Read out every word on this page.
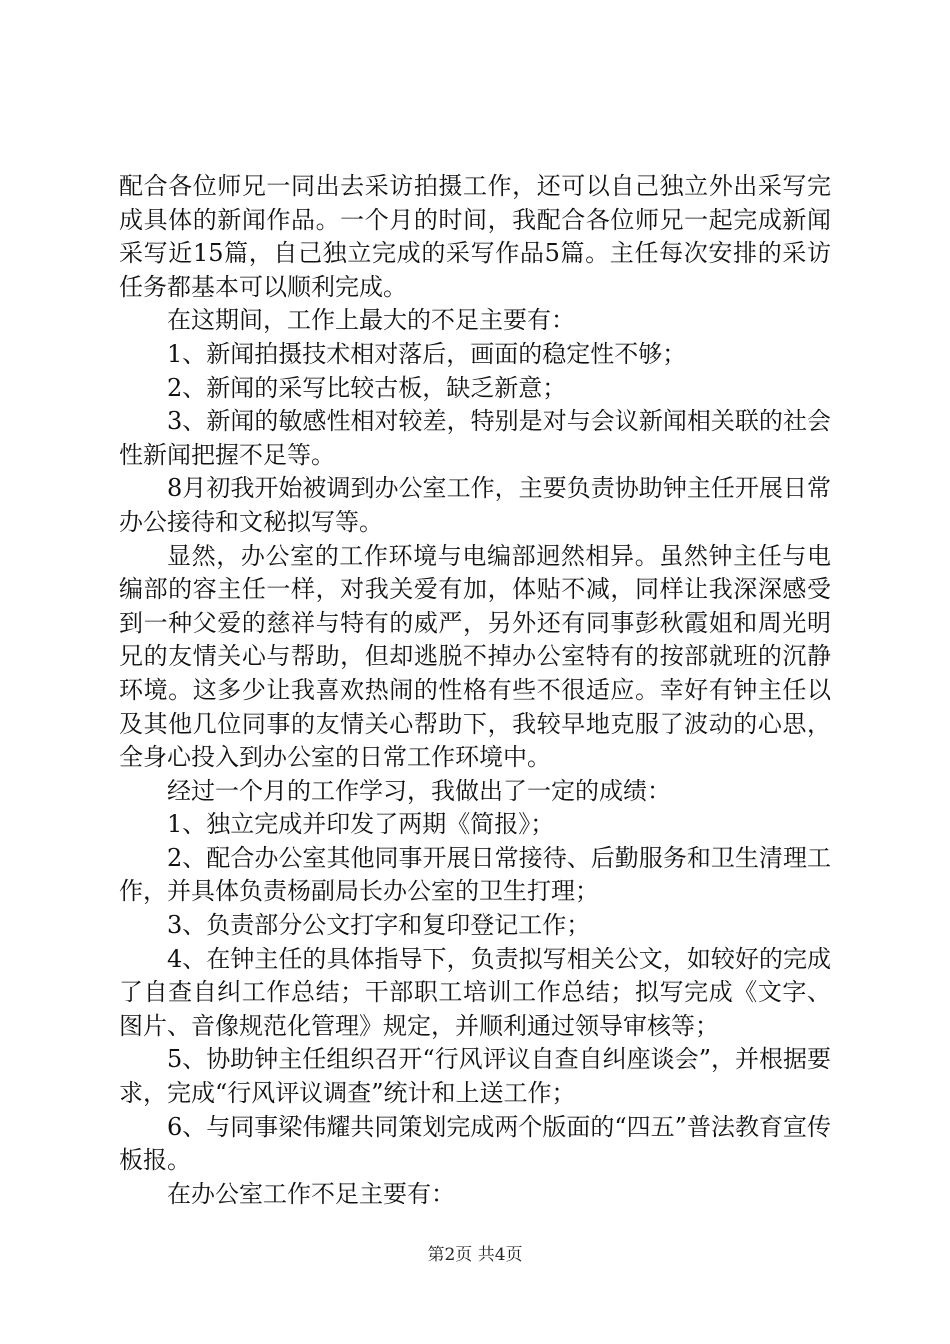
配合各位师兄一同出去采访拍摄工作，还可以自己独立外出采写完成具体的新闻作品。一个月的时间，我配合各位师兄一起完成新闻采写近15篇，自己独立完成的采写作品5篇。主任每次安排的采访任务都基本可以顺利完成。

在这期间，工作上最大的不足主要有：

1、新闻拍摄技术相对落后，画面的稳定性不够；

2、新闻的采写比较古板，缺乏新意；

3、新闻的敏感性相对较差，特别是对与会议新闻相关联的社会性新闻把握不足等。

8月初我开始被调到办公室工作，主要负责协助钟主任开展日常办公接待和文秘拟写等。

显然，办公室的工作环境与电编部迥然相异。虽然钟主任与电编部的容主任一样，对我关爱有加，体贴不减，同样让我深深感受到一种父爱的慈祥与特有的威严，另外还有同事彭秋霞姐和周光明兄的友情关心与帮助，但却逃脱不掉办公室特有的按部就班的沉静环境。这多少让我喜欢热闹的性格有些不很适应。幸好有钟主任以及其他几位同事的友情关心帮助下，我较早地克服了波动的心思，全身心投入到办公室的日常工作环境中。

经过一个月的工作学习，我做出了一定的成绩：

1、独立完成并印发了两期《简报》；

2、配合办公室其他同事开展日常接待、后勤服务和卫生清理工作，并具体负责杨副局长办公室的卫生打理；

3、负责部分公文打字和复印登记工作；

4、在钟主任的具体指导下，负责拟写相关公文，如较好的完成了自查自纠工作总结；干部职工培训工作总结；拟写完成《文字、图片、音像规范化管理》规定，并顺利通过领导审核等；

5、协助钟主任组织召开“行风评议自查自纠座谈会”，并根据要求，完成“行风评议调查”统计和上送工作；

6、与同事梁伟耀共同策划完成两个版面的“四五”普法教育宣传板报。

在办公室工作不足主要有：

第2页 共4页
